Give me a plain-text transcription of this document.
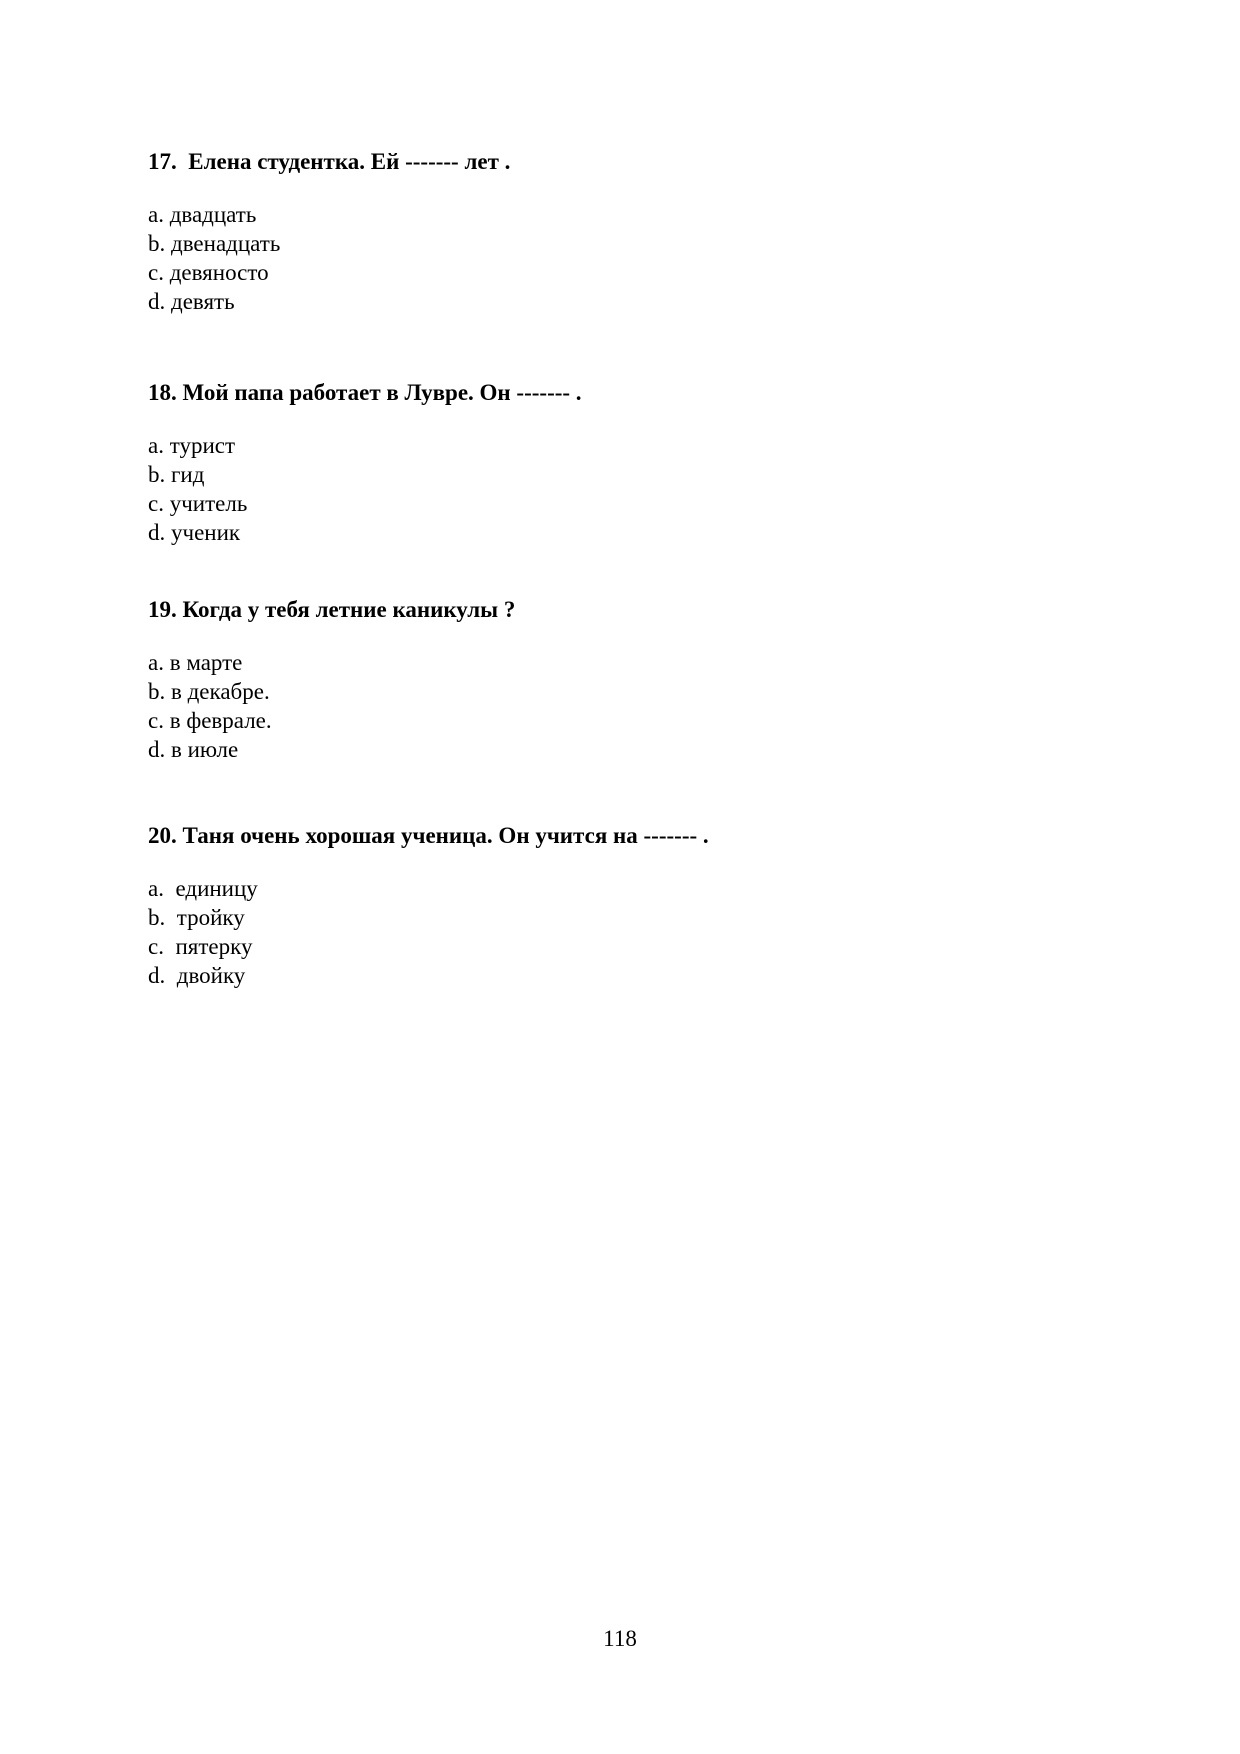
17.  Елена студентка. Ей ------- лет .

a. двадцать
b. двенадцать
c. девяносто
d. девять

18. Мой папа работает в Лувре. Он ------- .

a. турист
b. гид
c. учитель
d. ученик

19. Когда у тебя летние каникулы ?

a. в марте
b. в декабре.
c. в феврале.
d. в июле

20. Таня очень хорошая ученица. Он учится на ------- .

a.  единицу
b.  тройку
c.  пятерку
d.  двойку
118
